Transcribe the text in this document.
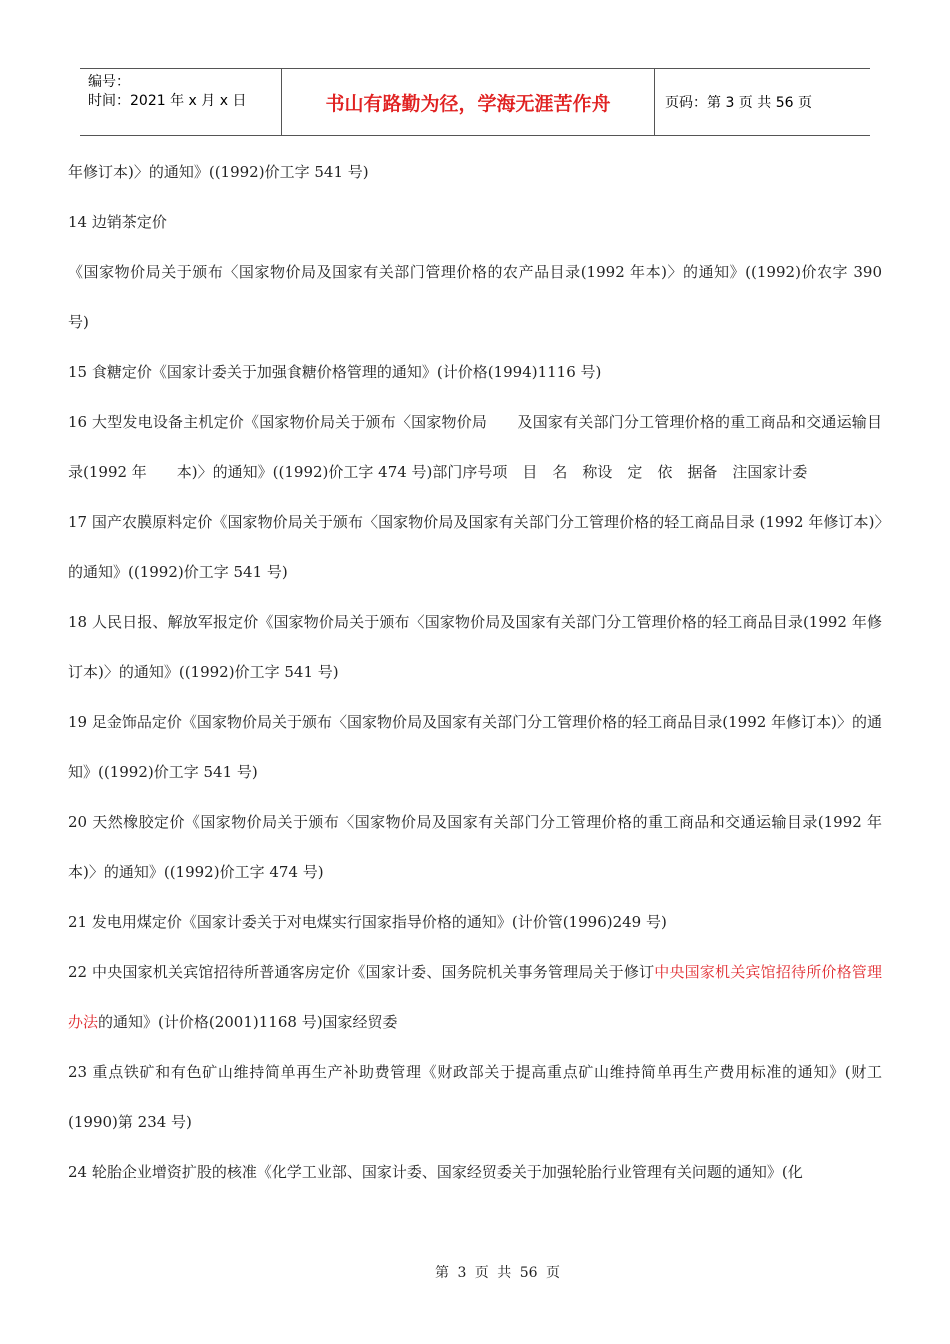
编号：
时间：2021 年 x 月 x 日	书山有路勤为径，学海无涯苦作舟	页码：第 3 页 共 56 页

年修订本)〉的通知》((1992)价工字 541 号)

14 边销茶定价

《国家物价局关于颁布〈国家物价局及国家有关部门管理价格的农产品目录(1992 年本)〉的通知》((1992)价农字 390 号)

15 食糖定价《国家计委关于加强食糖价格管理的通知》(计价格(1994)1116 号)

16 大型发电设备主机定价《国家物价局关于颁布〈国家物价局　　及国家有关部门分工管理价格的重工商品和交通运输目录(1992 年　　本)〉的通知》((1992)价工字 474 号)部门序号项　目　名　称设　定　依　据备　注国家计委

17 国产农膜原料定价《国家物价局关于颁布〈国家物价局及国家有关部门分工管理价格的轻工商品目录 (1992 年修订本)〉的通知》((1992)价工字 541 号)

18 人民日报、解放军报定价《国家物价局关于颁布〈国家物价局及国家有关部门分工管理价格的轻工商品目录(1992 年修订本)〉的通知》((1992)价工字 541 号)

19 足金饰品定价《国家物价局关于颁布〈国家物价局及国家有关部门分工管理价格的轻工商品目录(1992 年修订本)〉的通知》((1992)价工字 541 号)

20 天然橡胶定价《国家物价局关于颁布〈国家物价局及国家有关部门分工管理价格的重工商品和交通运输目录(1992 年本)〉的通知》((1992)价工字 474 号)

21 发电用煤定价《国家计委关于对电煤实行国家指导价格的通知》(计价管(1996)249 号)

22 中央国家机关宾馆招待所普通客房定价《国家计委、国务院机关事务管理局关于修订中央国家机关宾馆招待所价格管理办法的通知》(计价格(2001)1168 号)国家经贸委

23 重点铁矿和有色矿山维持简单再生产补助费管理《财政部关于提高重点矿山维持简单再生产费用标准的通知》(财工(1990)第 234 号)

24 轮胎企业增资扩股的核准《化学工业部、国家计委、国家经贸委关于加强轮胎行业管理有关问题的通知》(化

第 3 页 共 56 页
